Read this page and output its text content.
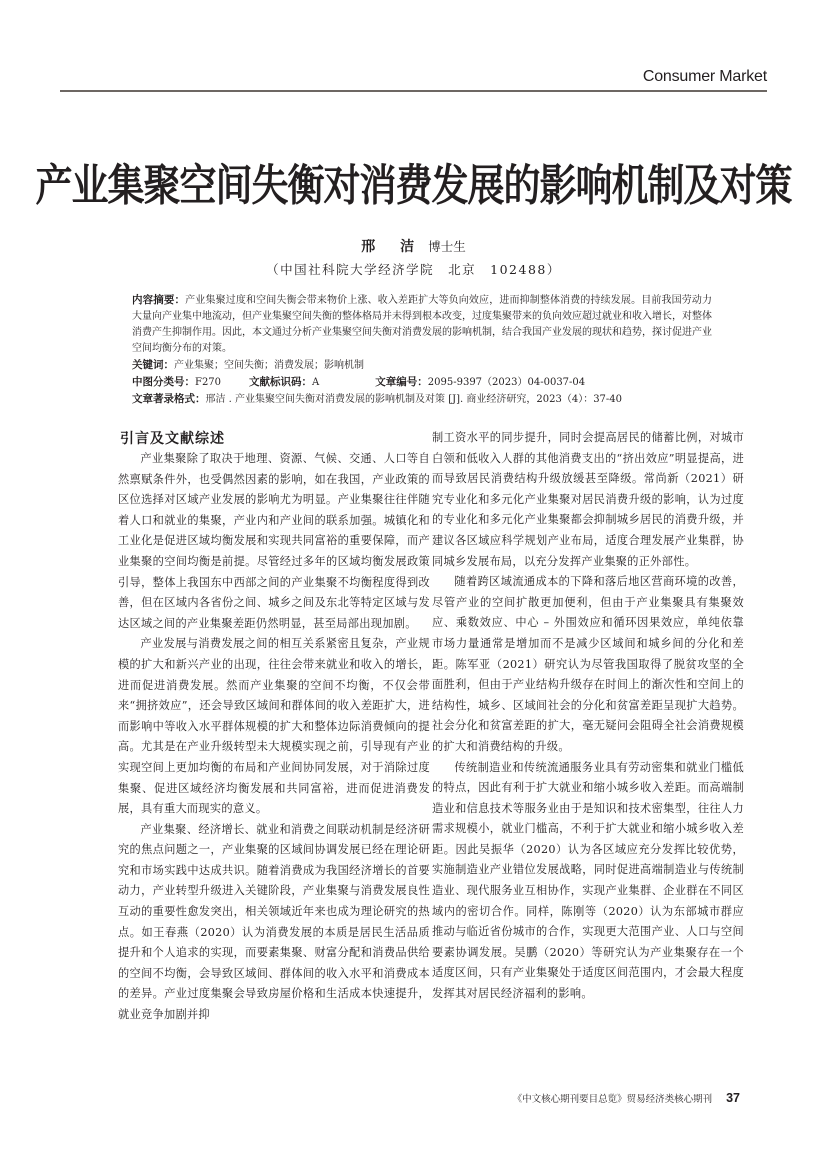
Consumer Market
产业集聚空间失衡对消费发展的影响机制及对策
邢 洁 博士生
（中国社科院大学经济学院　北京　102488）

内容摘要：产业集聚过度和空间失衡会带来物价上涨、收入差距扩大等负向效应，进而抑制整体消费的持续发展。目前我国劳动力大量向产业集中地流动，但产业集聚空间失衡的整体格局并未得到根本改变，过度集聚带来的负向效应超过就业和收入增长，对整体消费产生抑制作用。因此，本文通过分析产业集聚空间失衡对消费发展的影响机制，结合我国产业发展的现状和趋势，探讨促进产业空间均衡分布的对策。

关键词：产业集聚；空间失衡；消费发展；影响机制

中图分类号：F270	文献标识码：A	文章编号：2095-9397（2023）04-0037-04

文章著录格式：邢洁 . 产业集聚空间失衡对消费发展的影响机制及对策 [J]. 商业经济研究，2023（4）：37-40

引言及文献综述

产业集聚除了取决于地理、资源、气候、交通、人口等自然禀赋条件外，也受偶然因素的影响，如在我国，产业政策的区位选择对区域产业发展的影响尤为明显。产业集聚往往伴随着人口和就业的集聚，产业内和产业间的联系加强。城镇化和工业化是促进区域均衡发展和实现共同富裕的重要保障，而产业集聚的空间均衡是前提。尽管经过多年的区域均衡发展政策引导，整体上我国东中西部之间的产业集聚不均衡程度得到改善，但在区域内各省份之间、城乡之间及东北等特定区域与发达区域之间的产业集聚差距仍然明显，甚至局部出现加剧。

产业发展与消费发展之间的相互关系紧密且复杂，产业规模的扩大和新兴产业的出现，往往会带来就业和收入的增长，进而促进消费发展。然而产业集聚的空间不均衡，不仅会带来“拥挤效应”，还会导致区域间和群体间的收入差距扩大，进而影响中等收入水平群体规模的扩大和整体边际消费倾向的提高。尤其是在产业升级转型未大规模实现之前，引导现有产业实现空间上更加均衡的布局和产业间协同发展，对于消除过度集聚、促进区域经济均衡发展和共同富裕，进而促进消费发展，具有重大而现实的意义。

产业集聚、经济增长、就业和消费之间联动机制是经济研究的焦点问题之一，产业集聚的区域间协调发展已经在理论研究和市场实践中达成共识。随着消费成为我国经济增长的首要动力，产业转型升级进入关键阶段，产业集聚与消费发展良性互动的重要性愈发突出，相关领域近年来也成为理论研究的热点。如王春燕（2020）认为消费发展的本质是居民生活品质提升和个人追求的实现，而要素集聚、财富分配和消费品供给的空间不均衡，会导致区域间、群体间的收入水平和消费成本的差异。产业过度集聚会导致房屋价格和生活成本快速提升，就业竞争加剧并抑

制工资水平的同步提升，同时会提高居民的储蓄比例，对城市白领和低收入人群的其他消费支出的“挤出效应”明显提高，进而导致居民消费结构升级放缓甚至降级。常尚新（2021）研究专业化和多元化产业集聚对居民消费升级的影响，认为过度的专业化和多元化产业集聚都会抑制城乡居民的消费升级，并建议各区域应科学规划产业布局，适度合理发展产业集群，协同城乡发展布局，以充分发挥产业集聚的正外部性。

随着跨区域流通成本的下降和落后地区营商环境的改善，尽管产业的空间扩散更加便利，但由于产业集聚具有集聚效应、乘数效应、中心 – 外围效应和循环因果效应，单纯依靠市场力量通常是增加而不是减少区域间和城乡间的分化和差距。陈军亚（2021）研究认为尽管我国取得了脱贫攻坚的全面胜利，但由于产业结构升级存在时间上的渐次性和空间上的结构性，城乡、区域间社会的分化和贫富差距呈现扩大趋势。社会分化和贫富差距的扩大，毫无疑问会阻碍全社会消费规模的扩大和消费结构的升级。

传统制造业和传统流通服务业具有劳动密集和就业门槛低的特点，因此有利于扩大就业和缩小城乡收入差距。而高端制造业和信息技术等服务业由于是知识和技术密集型，往往人力需求规模小，就业门槛高，不利于扩大就业和缩小城乡收入差距。因此吴振华（2020）认为各区域应充分发挥比较优势，实施制造业产业错位发展战略，同时促进高端制造业与传统制造业、现代服务业互相协作，实现产业集群、企业群在不同区域内的密切合作。同样，陈刚等（2020）认为东部城市群应推动与临近省份城市的合作，实现更大范围产业、人口与空间要素协调发展。吴鹏（2020）等研究认为产业集聚存在一个适度区间，只有产业集聚处于适度区间范围内，才会最大程度发挥其对居民经济福利的影响。

《中文核心期刊要目总览》贸易经济类核心期刊 37
